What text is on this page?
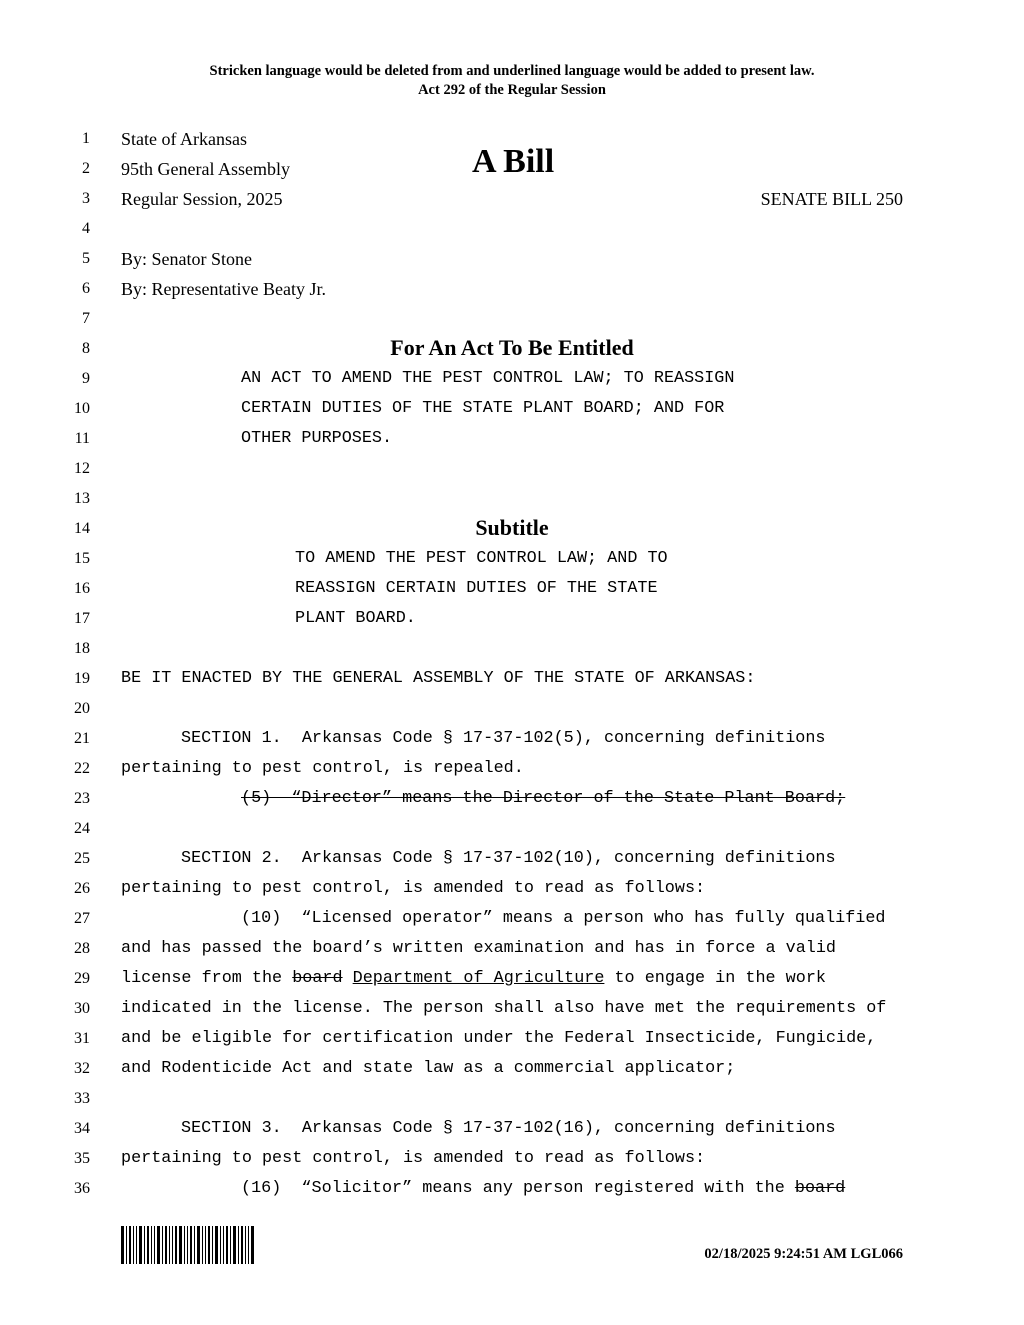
Stricken language would be deleted from and underlined language would be added to present law.
Act 292 of the Regular Session
1
2
3
4
5
6
7
8
9
10
11
12
13
14
15
16
17
18
19
20
21
22
23
24
25
26
27
28
29
30
31
32
33
34
35
36
State of Arkansas
95th General Assembly
Regular Session, 2025
A Bill
SENATE BILL 250
By: Senator Stone
By: Representative Beaty Jr.
For An Act To Be Entitled
AN ACT TO AMEND THE PEST CONTROL LAW; TO REASSIGN
CERTAIN DUTIES OF THE STATE PLANT BOARD; AND FOR
OTHER PURPOSES.
Subtitle
TO AMEND THE PEST CONTROL LAW; AND TO
REASSIGN CERTAIN DUTIES OF THE STATE
PLANT BOARD.
BE IT ENACTED BY THE GENERAL ASSEMBLY OF THE STATE OF ARKANSAS:
SECTION 1.  Arkansas Code § 17-37-102(5), concerning definitions
pertaining to pest control, is repealed.
(5)  “Director” means the Director of the State Plant Board;
SECTION 2.  Arkansas Code § 17-37-102(10), concerning definitions
pertaining to pest control, is amended to read as follows:
(10)  “Licensed operator” means a person who has fully qualified
and has passed the board’s written examination and has in force a valid
license from the board Department of Agriculture to engage in the work
indicated in the license. The person shall also have met the requirements of
and be eligible for certification under the Federal Insecticide, Fungicide,
and Rodenticide Act and state law as a commercial applicator;
SECTION 3.  Arkansas Code § 17-37-102(16), concerning definitions
pertaining to pest control, is amended to read as follows:
(16)  “Solicitor” means any person registered with the board
02/18/2025 9:24:51 AM LGL066
